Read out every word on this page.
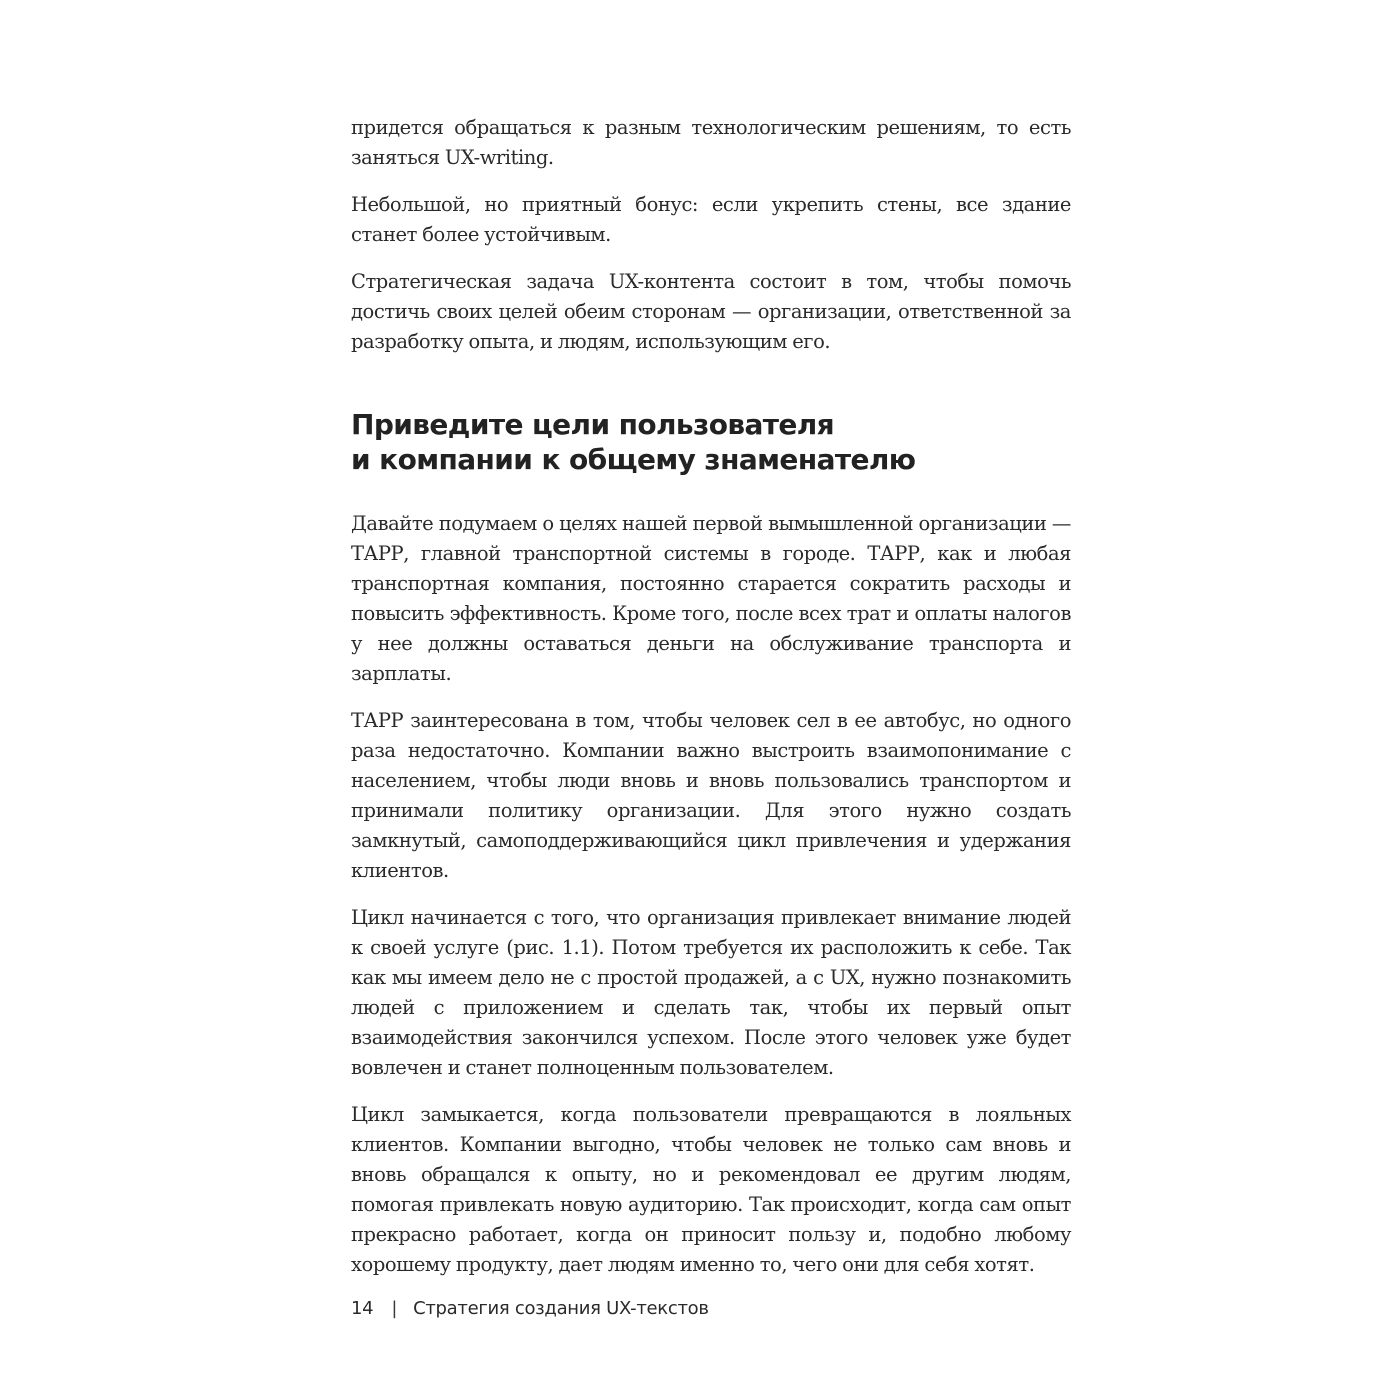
придется обращаться к разным технологическим решениям, то есть заняться UX-writing.

Небольшой, но приятный бонус: если укрепить стены, все здание станет более устойчивым.

Стратегическая задача UX-контента состоит в том, чтобы помочь достичь своих целей обеим сторонам — организации, ответственной за разработку опыта, и людям, использующим его.

Приведите цели пользователя
и компании к общему знаменателю

Давайте подумаем о целях нашей первой вымышленной организации — ТАРР, главной транспортной системы в городе. ТАРР, как и любая транспортная компания, постоянно старается сократить расходы и повысить эффективность. Кроме того, после всех трат и оплаты налогов у нее должны оставаться деньги на обслуживание транспорта и зарплаты.

ТАРР заинтересована в том, чтобы человек сел в ее автобус, но одного раза недостаточно. Компании важно выстроить взаимопонимание с населением, чтобы люди вновь и вновь пользовались транспортом и принимали политику организации. Для этого нужно создать замкнутый, самоподдерживающийся цикл привлечения и удержания клиентов.

Цикл начинается с того, что организация привлекает внимание людей к своей услуге (рис. 1.1). Потом требуется их расположить к себе. Так как мы имеем дело не с простой продажей, а с UX, нужно познакомить людей с приложением и сделать так, чтобы их первый опыт взаимодействия закончился успехом. После этого человек уже будет вовлечен и станет полноценным пользователем.

Цикл замыкается, когда пользователи превращаются в лояльных клиентов. Компании выгодно, чтобы человек не только сам вновь и вновь обращался к опыту, но и рекомендовал ее другим людям, помогая привлекать новую аудиторию. Так происходит, когда сам опыт прекрасно работает, когда он приносит пользу и, подобно любому хорошему продукту, дает людям именно то, чего они для себя хотят.

14 | Стратегия создания UX-текстов
